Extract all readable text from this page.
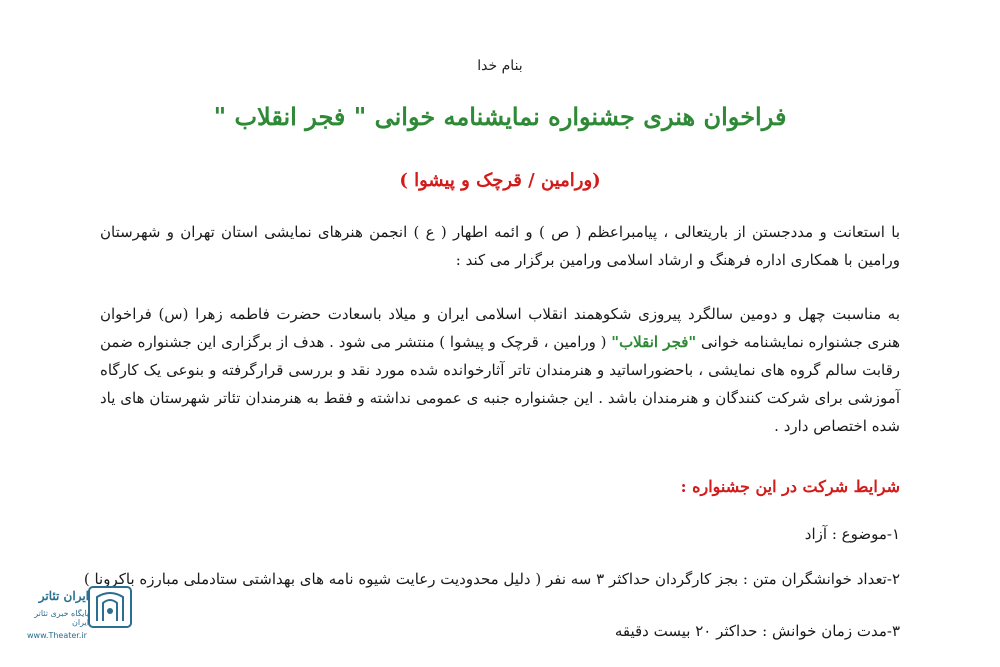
بنام خدا
فراخوان هنری جشنواره نمایشنامه خوانی " فجر انقلاب "
(ورامین / قرچک و پیشوا )
با استعانت و مددجستن از باریتعالی ، پیامبراعظم ( ص ) و ائمه اطهار ( ع ) انجمن هنرهای نمایشی استان تهران و شهرستان ورامین با همکاری اداره فرهنگ و ارشاد اسلامی ورامین برگزار می کند :
به مناسبت چهل و دومین سالگرد پیروزی شکوهمند انقلاب اسلامی ایران و میلاد باسعادت حضرت فاطمه زهرا (س) فراخوان هنری جشنواره نمایشنامه خوانی "فجر انقلاب" ( ورامین ، قرچک و پیشوا ) منتشر می شود . هدف از برگزاری این جشنواره ضمن رقابت سالم گروه های نمایشی ، باحضوراساتید و هنرمندان تاتر آثارخوانده شده مورد نقد و بررسی قرارگرفته و بنوعی یک کارگاه آموزشی برای شرکت کنندگان و هنرمندان باشد . این جشنواره جنبه ی عمومی نداشته و فقط به هنرمندان تئاتر شهرستان های یاد شده اختصاص دارد .
شرایط شرکت در این جشنواره :
۱-موضوع : آزاد
۲-تعداد خوانشگران متن : بجز کارگردان حداکثر ۳ سه نفر ( دلیل محدودیت رعایت شیوه نامه های بهداشتی ستادملی مبارزه باکرونا )
۳-مدت زمان خوانش : حداکثر ۲۰ بیست دقیقه
ایران تئاتر
پایگاه خبری تئاتر ایران
www.Theater.ir
